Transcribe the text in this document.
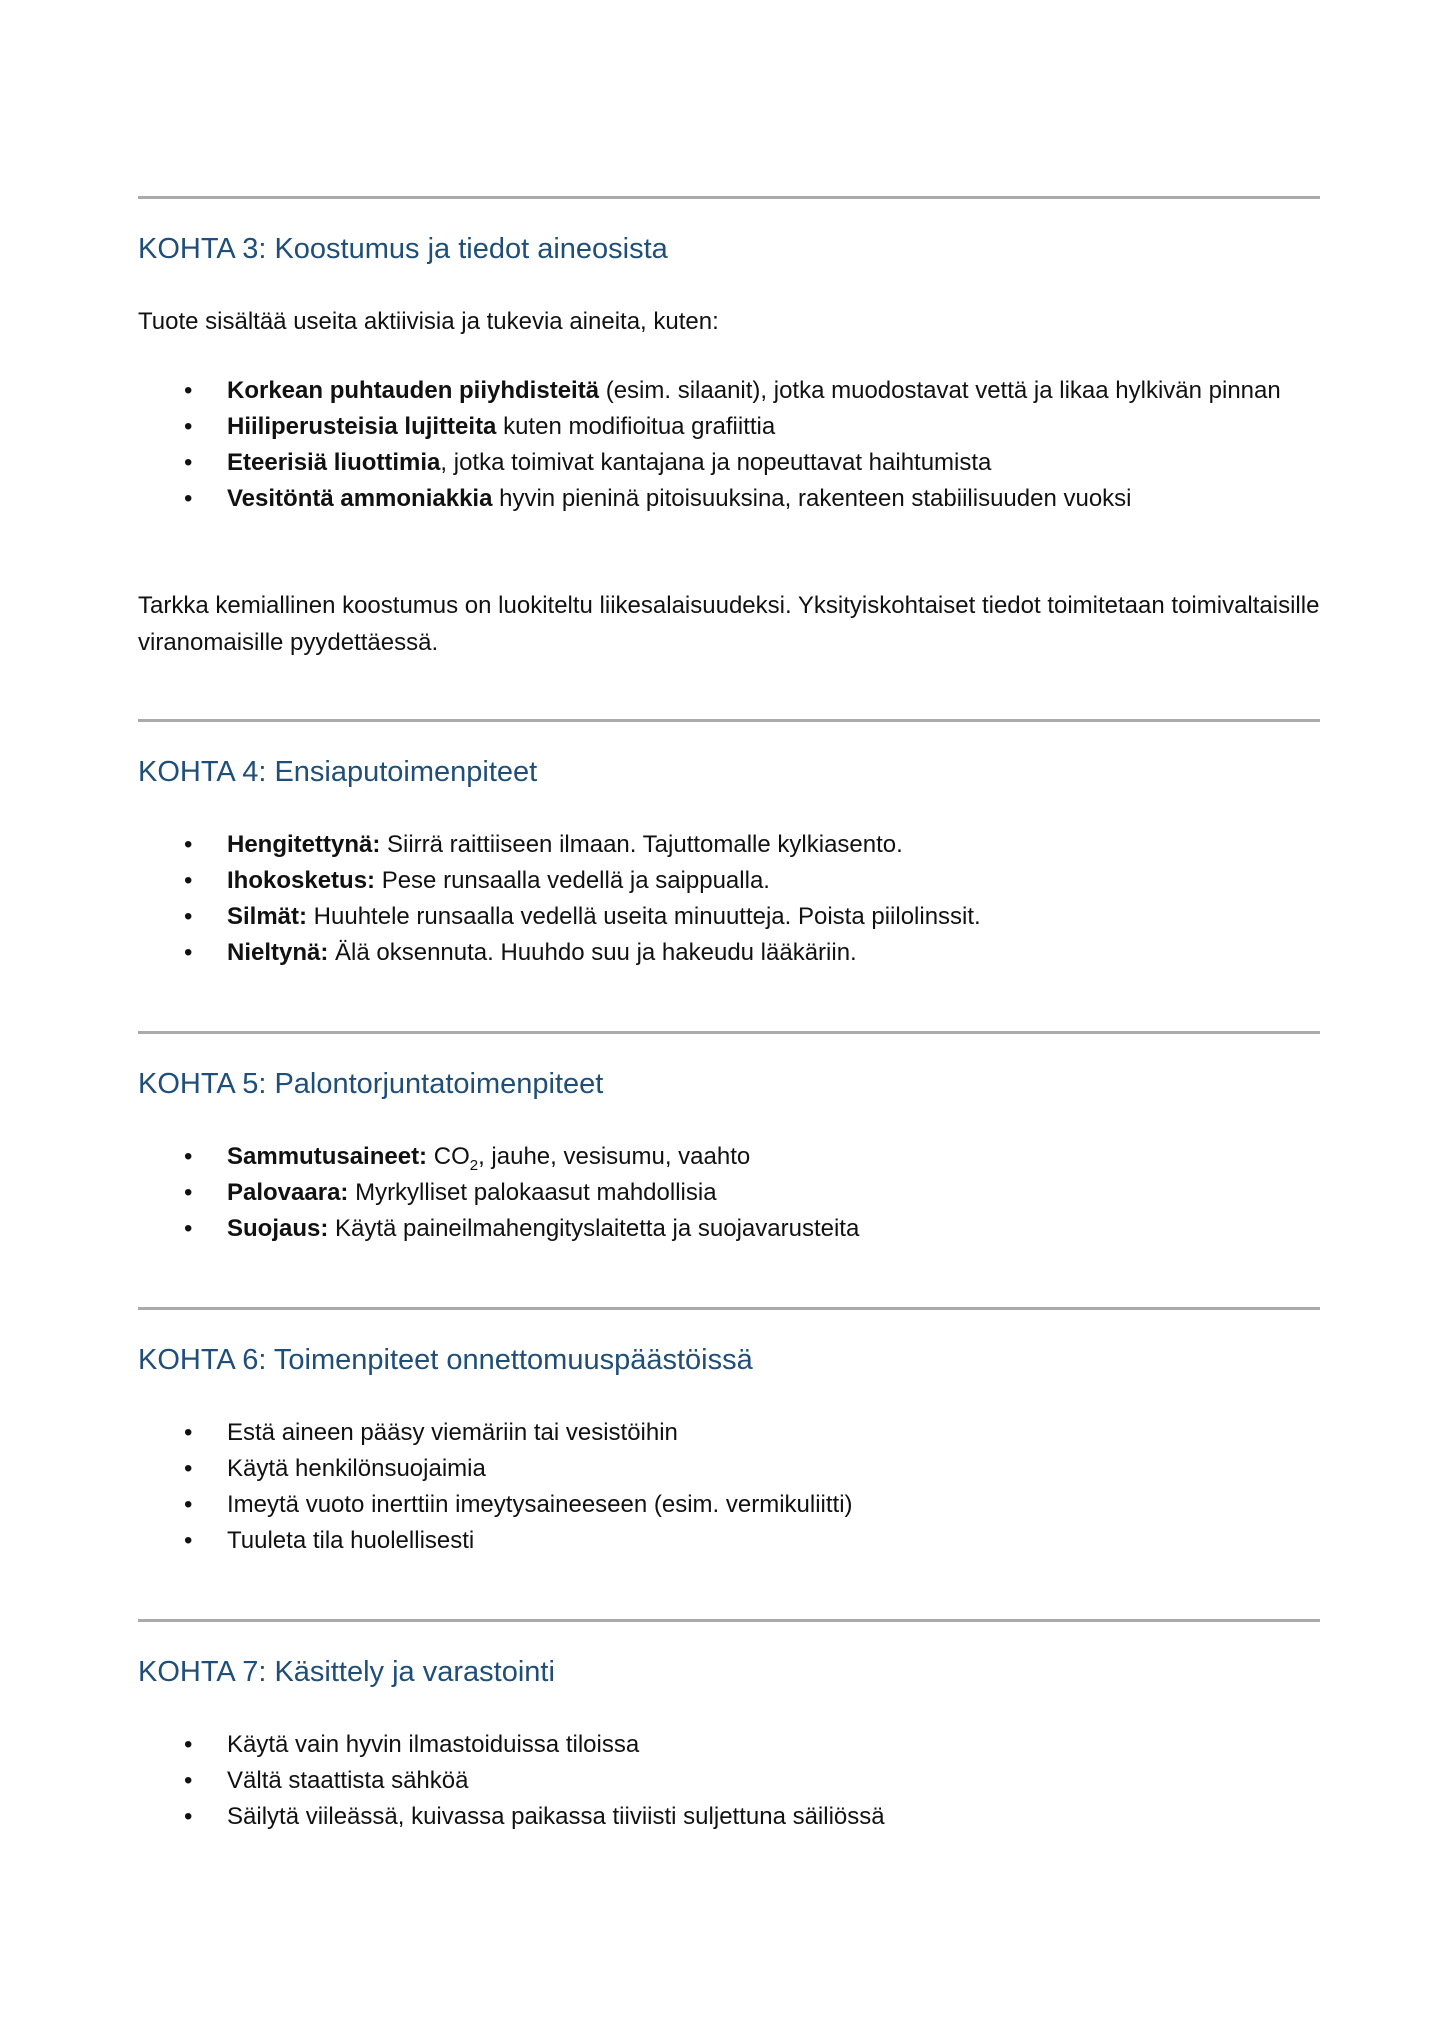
KOHTA 3: Koostumus ja tiedot aineosista

Tuote sisältää useita aktiivisia ja tukevia aineita, kuten:

• Korkean puhtauden piiyhdisteitä (esim. silaanit), jotka muodostavat vettä ja likaa hylkivän pinnan
• Hiiliperusteisia lujitteita kuten modifioitua grafiittia
• Eteerisiä liuottimia, jotka toimivat kantajana ja nopeuttavat haihtumista
• Vesitöntä ammoniakkia hyvin pieninä pitoisuuksina, rakenteen stabiilisuuden vuoksi

Tarkka kemiallinen koostumus on luokiteltu liikesalaisuudeksi. Yksityiskohtaiset tiedot toimitetaan toimivaltaisille viranomaisille pyydettäessä.

KOHTA 4: Ensiaputoimenpiteet
• Hengitettynä: Siirrä raittiiseen ilmaan. Tajuttomalle kylkiasento.
• Ihokosketus: Pese runsaalla vedellä ja saippualla.
• Silmät: Huuhtele runsaalla vedellä useita minuutteja. Poista piilolinssit.
• Nieltynä: Älä oksennuta. Huuhdo suu ja hakeudu lääkäriin.
KOHTA 5: Palontorjuntatoimenpiteet
• Sammutusaineet: $CO_2$, jauhe, vesisumu, vaahto
• Palovaara: Myrkylliset palokaasut mahdollisia
• Suojaus: Käytä paineilmahengityslaitetta ja suojavarusteita
KOHTA 6: Toimenpiteet onnettomuuspäästöissä
• Estä aineen pääsy viemäriin tai vesistöihin
• Käytä henkilönsuojaimia
• Imeytä vuoto inerttiin imeytysaineeseen (esim. vermikuliitti)
• Tuuleta tila huolellisesti
KOHTA 7: Käsittely ja varastointi
• Käytä vain hyvin ilmastoiduissa tiloissa
• Vältä staattista sähköä
• Säilytä viileässä, kuivassa paikassa tiiviisti suljettuna säiliössä
